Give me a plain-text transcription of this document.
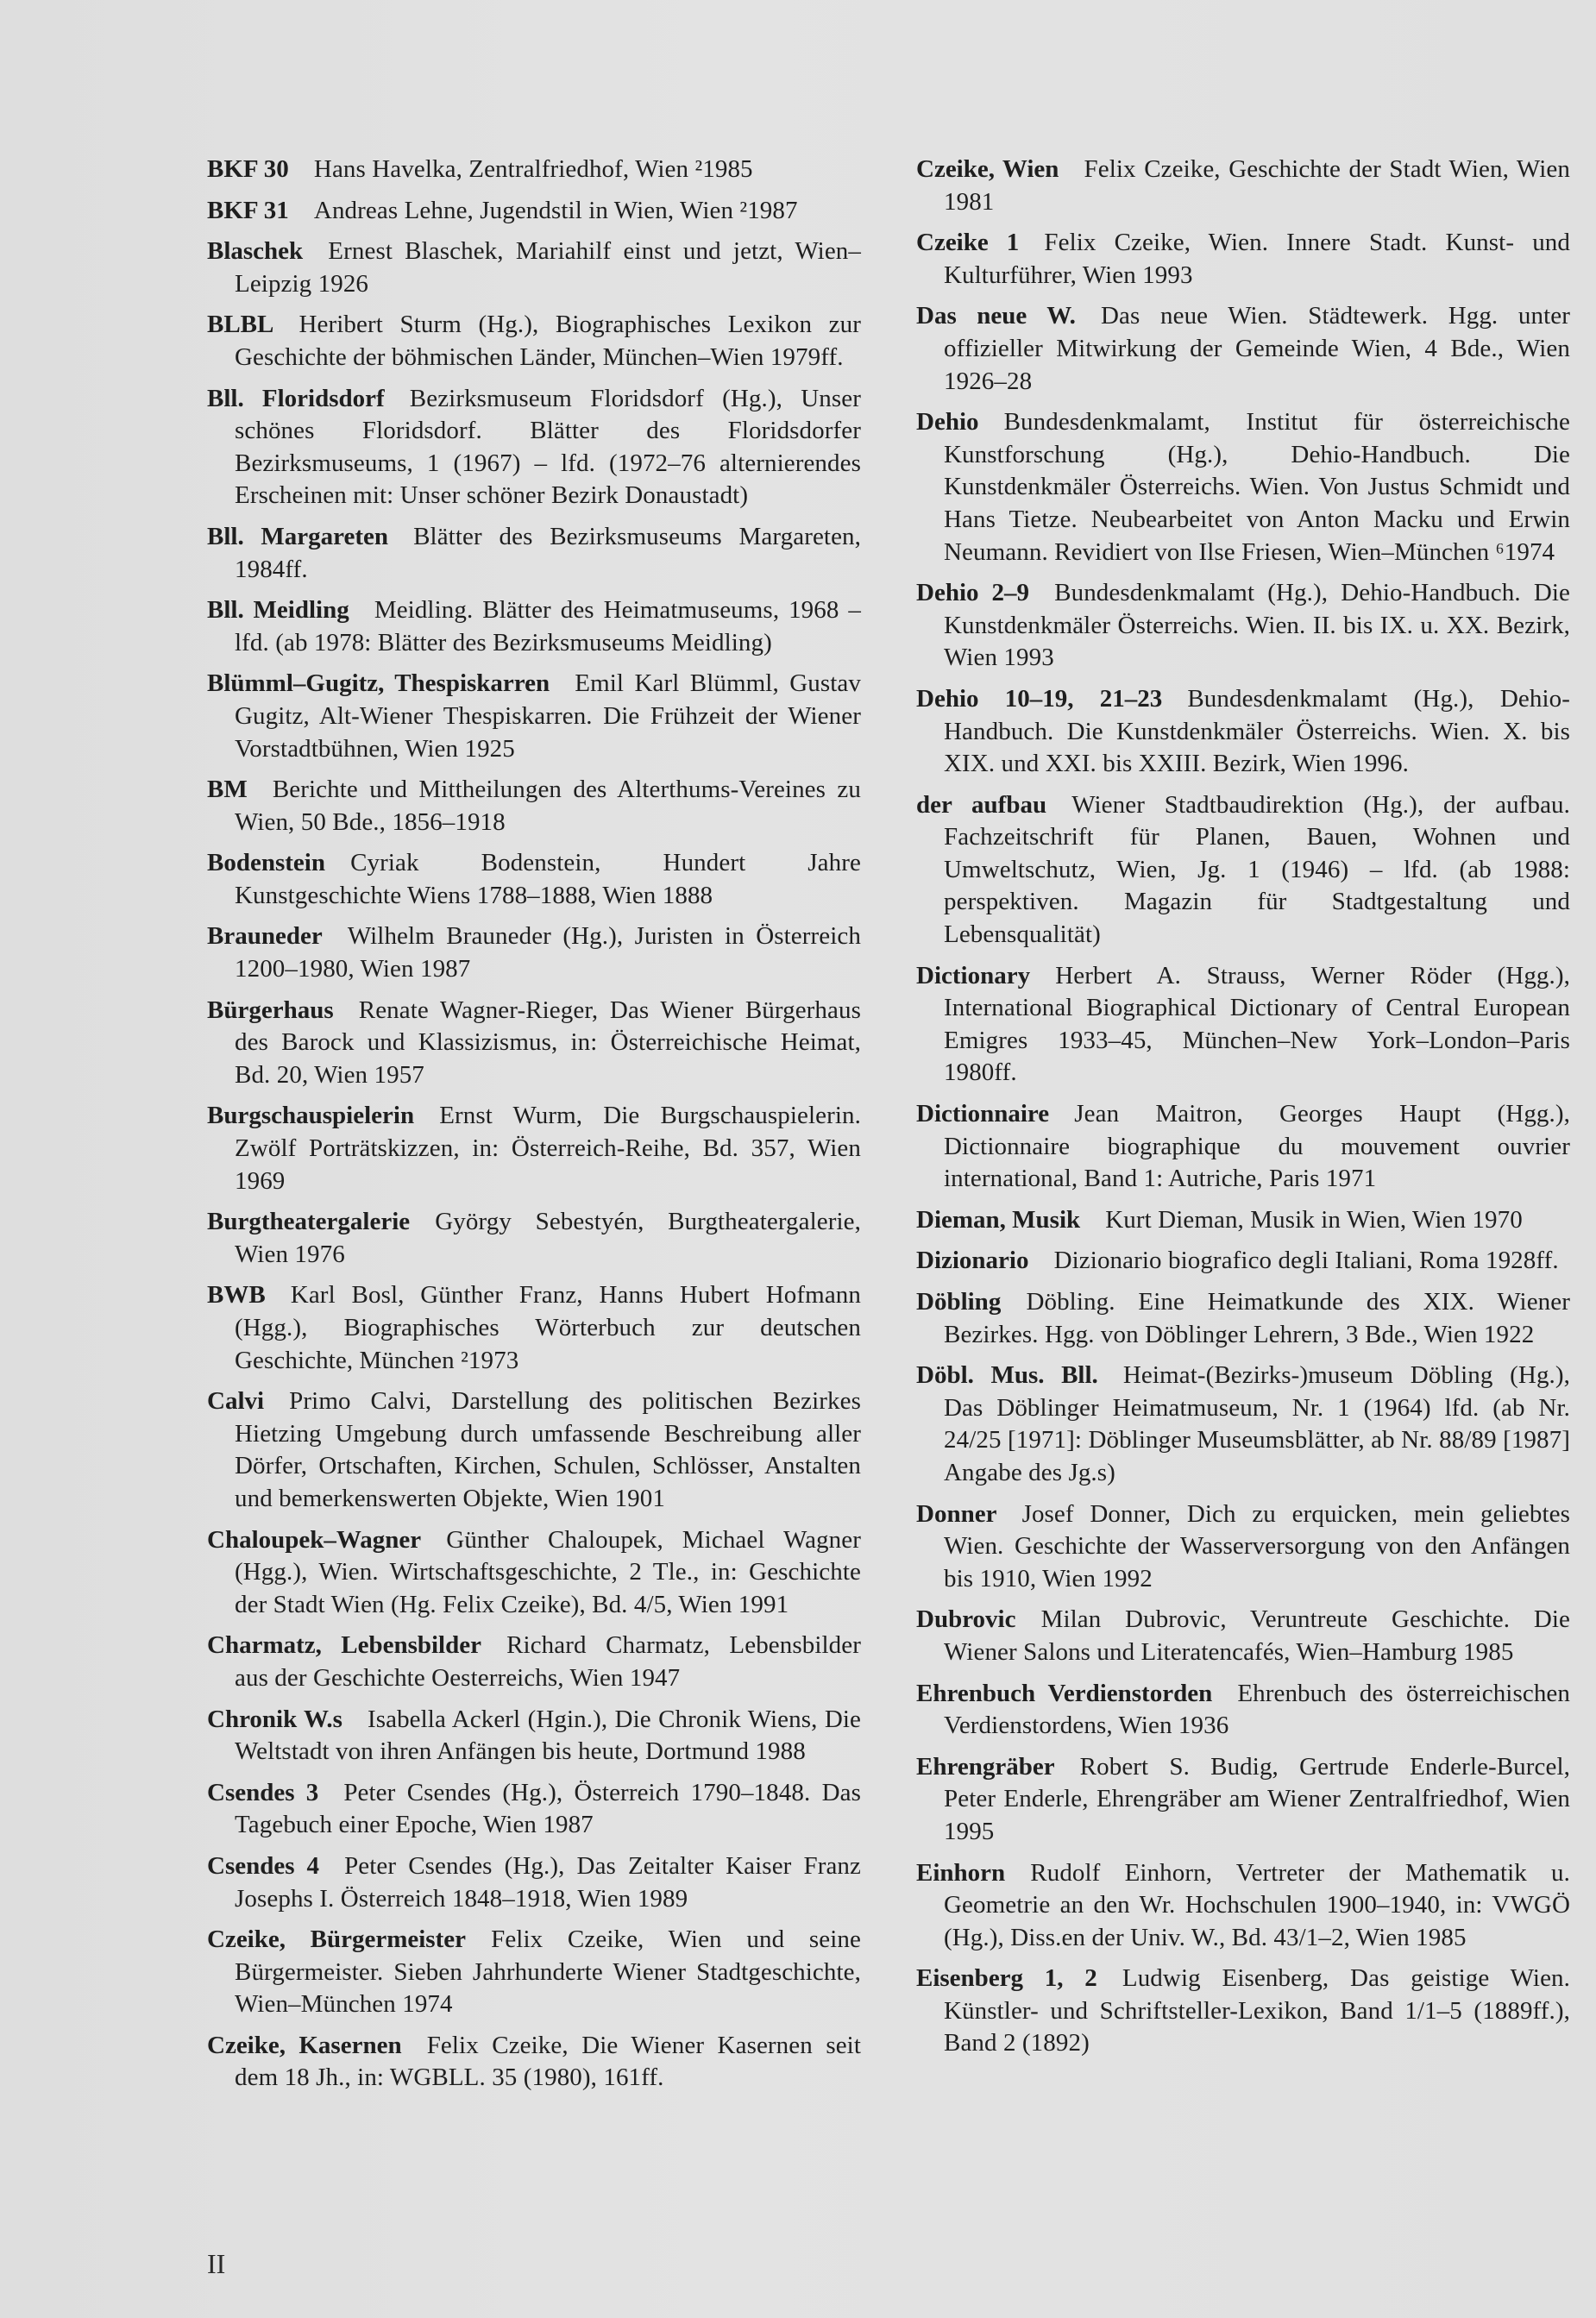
BKF 30  Hans Havelka, Zentralfriedhof, Wien ²1985
BKF 31  Andreas Lehne, Jugendstil in Wien, Wien ²1987
Blaschek  Ernest Blaschek, Mariahilf einst und jetzt, Wien–Leipzig 1926
BLBL  Heribert Sturm (Hg.), Biographisches Lexikon zur Geschichte der böhmischen Länder, München–Wien 1979ff.
Bll. Floridsdorf  Bezirksmuseum Floridsdorf (Hg.), Unser schönes Floridsdorf. Blätter des Floridsdorfer Bezirksmuseums, 1 (1967) – lfd. (1972–76 alternierendes Erscheinen mit: Unser schöner Bezirk Donaustadt)
Bll. Margareten  Blätter des Bezirksmuseums Margareten, 1984ff.
Bll. Meidling  Meidling. Blätter des Heimatmuseums, 1968 – lfd. (ab 1978: Blätter des Bezirksmuseums Meidling)
Blümml–Gugitz, Thespiskarren  Emil Karl Blümml, Gustav Gugitz, Alt-Wiener Thespiskarren. Die Frühzeit der Wiener Vorstadtbühnen, Wien 1925
BM  Berichte und Mittheilungen des Alterthums-Vereines zu Wien, 50 Bde., 1856–1918
Bodenstein  Cyriak Bodenstein, Hundert Jahre Kunstgeschichte Wiens 1788–1888, Wien 1888
Brauneder  Wilhelm Brauneder (Hg.), Juristen in Österreich 1200–1980, Wien 1987
Bürgerhaus  Renate Wagner-Rieger, Das Wiener Bürgerhaus des Barock und Klassizismus, in: Österreichische Heimat, Bd. 20, Wien 1957
Burgschauspielerin  Ernst Wurm, Die Burgschauspielerin. Zwölf Porträtskizzen, in: Österreich-Reihe, Bd. 357, Wien 1969
Burgtheatergalerie  György Sebestyén, Burgtheatergalerie, Wien 1976
BWB  Karl Bosl, Günther Franz, Hanns Hubert Hofmann (Hgg.), Biographisches Wörterbuch zur deutschen Geschichte, München ²1973
Calvi  Primo Calvi, Darstellung des politischen Bezirkes Hietzing Umgebung durch umfassende Beschreibung aller Dörfer, Ortschaften, Kirchen, Schulen, Schlösser, Anstalten und bemerkenswerten Objekte, Wien 1901
Chaloupek–Wagner  Günther Chaloupek, Michael Wagner (Hgg.), Wien. Wirtschaftsgeschichte, 2 Tle., in: Geschichte der Stadt Wien (Hg. Felix Czeike), Bd. 4/5, Wien 1991
Charmatz, Lebensbilder  Richard Charmatz, Lebensbilder aus der Geschichte Oesterreichs, Wien 1947
Chronik W.s  Isabella Ackerl (Hgin.), Die Chronik Wiens, Die Weltstadt von ihren Anfängen bis heute, Dortmund 1988
Csendes 3  Peter Csendes (Hg.), Österreich 1790–1848. Das Tagebuch einer Epoche, Wien 1987
Csendes 4  Peter Csendes (Hg.), Das Zeitalter Kaiser Franz Josephs I. Österreich 1848–1918, Wien 1989
Czeike, Bürgermeister  Felix Czeike, Wien und seine Bürgermeister. Sieben Jahrhunderte Wiener Stadtgeschichte, Wien–München 1974
Czeike, Kasernen  Felix Czeike, Die Wiener Kasernen seit dem 18 Jh., in: WGBLL. 35 (1980), 161ff.
Czeike, Wien  Felix Czeike, Geschichte der Stadt Wien, Wien 1981
Czeike 1  Felix Czeike, Wien. Innere Stadt. Kunst- und Kulturführer, Wien 1993
Das neue W.  Das neue Wien. Städtewerk. Hgg. unter offizieller Mitwirkung der Gemeinde Wien, 4 Bde., Wien 1926–28
Dehio  Bundesdenkmalamt, Institut für österreichische Kunstforschung (Hg.), Dehio-Handbuch. Die Kunstdenkmäler Österreichs. Wien. Von Justus Schmidt und Hans Tietze. Neubearbeitet von Anton Macku und Erwin Neumann. Revidiert von Ilse Friesen, Wien–München ⁶1974
Dehio 2–9  Bundesdenkmalamt (Hg.), Dehio-Handbuch. Die Kunstdenkmäler Österreichs. Wien. II. bis IX. u. XX. Bezirk, Wien 1993
Dehio 10–19, 21–23  Bundesdenkmalamt (Hg.), Dehio-Handbuch. Die Kunstdenkmäler Österreichs. Wien. X. bis XIX. und XXI. bis XXIII. Bezirk, Wien 1996.
der aufbau  Wiener Stadtbaudirektion (Hg.), der aufbau. Fachzeitschrift für Planen, Bauen, Wohnen und Umweltschutz, Wien, Jg. 1 (1946) – lfd. (ab 1988: perspektiven. Magazin für Stadtgestaltung und Lebensqualität)
Dictionary  Herbert A. Strauss, Werner Röder (Hgg.), International Biographical Dictionary of Central European Emigres 1933–45, München–New York–London–Paris 1980ff.
Dictionnaire  Jean Maitron, Georges Haupt (Hgg.), Dictionnaire biographique du mouvement ouvrier international, Band 1: Autriche, Paris 1971
Dieman, Musik  Kurt Dieman, Musik in Wien, Wien 1970
Dizionario  Dizionario biografico degli Italiani, Roma 1928ff.
Döbling  Döbling. Eine Heimatkunde des XIX. Wiener Bezirkes. Hgg. von Döblinger Lehrern, 3 Bde., Wien 1922
Döbl. Mus. Bll.  Heimat-(Bezirks-)museum Döbling (Hg.), Das Döblinger Heimatmuseum, Nr. 1 (1964) lfd. (ab Nr. 24/25 [1971]: Döblinger Museumsblätter, ab Nr. 88/89 [1987] Angabe des Jg.s)
Donner  Josef Donner, Dich zu erquicken, mein geliebtes Wien. Geschichte der Wasserversorgung von den Anfängen bis 1910, Wien 1992
Dubrovic  Milan Dubrovic, Veruntreute Geschichte. Die Wiener Salons und Literatencafés, Wien–Hamburg 1985
Ehrenbuch Verdienstorden  Ehrenbuch des österreichischen Verdienstordens, Wien 1936
Ehrengräber  Robert S. Budig, Gertrude Enderle-Burcel, Peter Enderle, Ehrengräber am Wiener Zentralfriedhof, Wien 1995
Einhorn  Rudolf Einhorn, Vertreter der Mathematik u. Geometrie an den Wr. Hochschulen 1900–1940, in: VWGÖ (Hg.), Diss.en der Univ. W., Bd. 43/1–2, Wien 1985
Eisenberg 1, 2  Ludwig Eisenberg, Das geistige Wien. Künstler- und Schriftsteller-Lexikon, Band 1/1–5 (1889ff.), Band 2 (1892)
II
